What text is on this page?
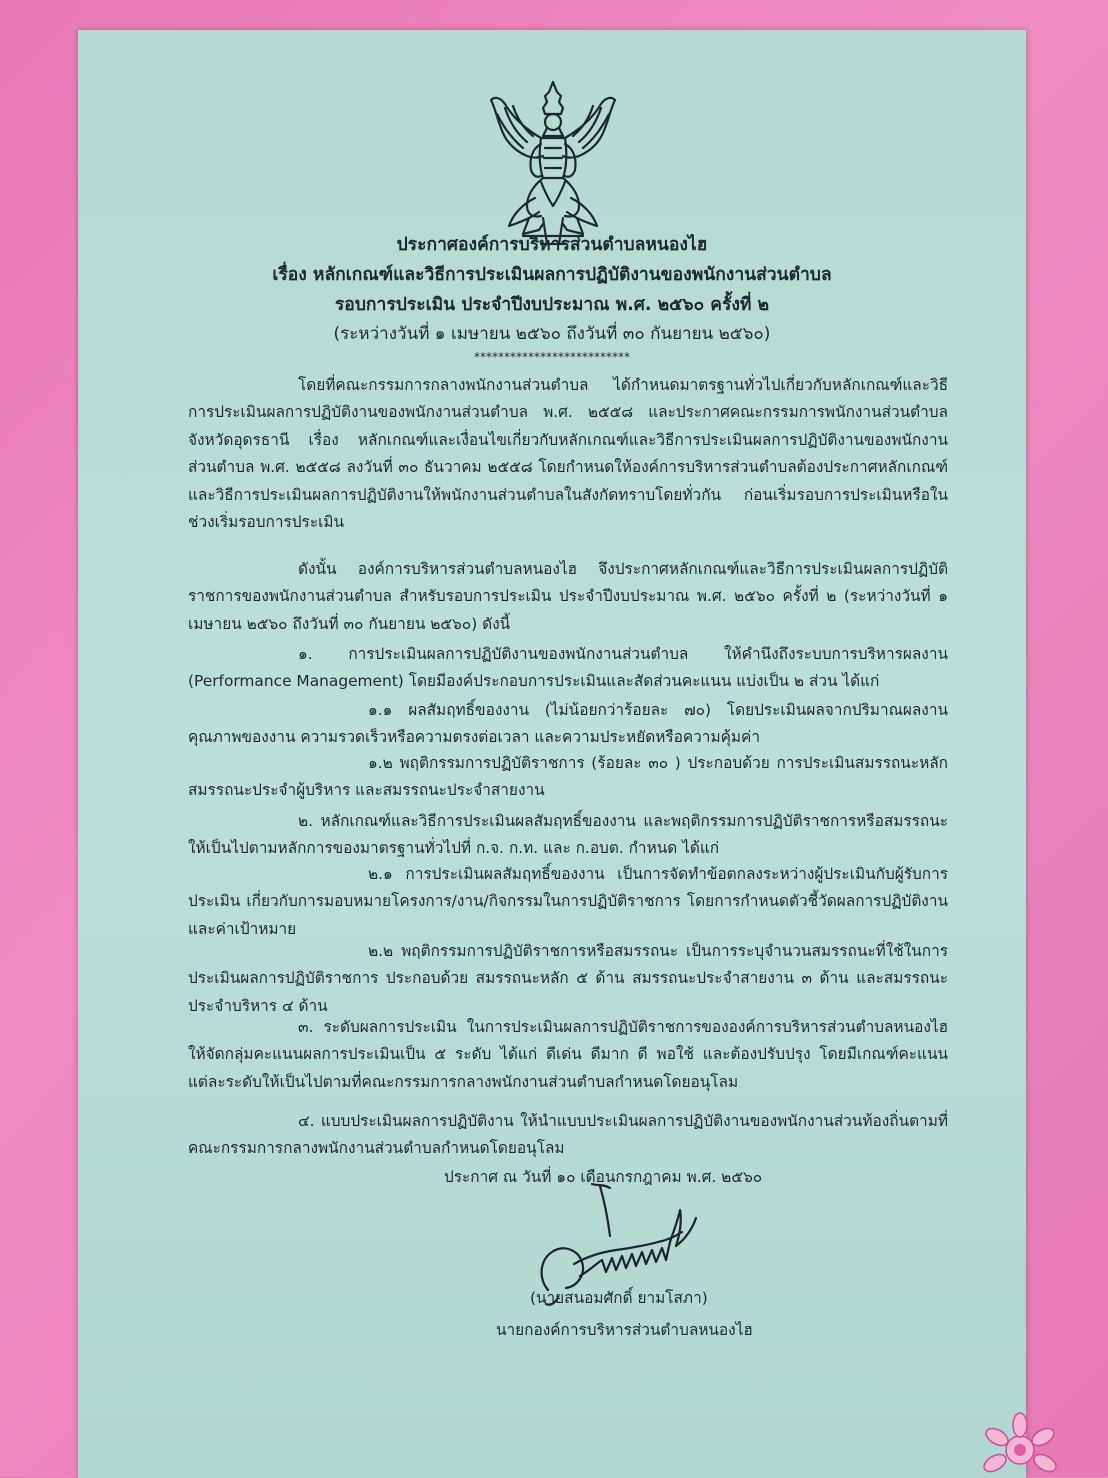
ประกาศองค์การบริหารส่วนตำบลหนองไฮ
เรื่อง หลักเกณฑ์และวิธีการประเมินผลการปฏิบัติงานของพนักงานส่วนตำบล
รอบการประเมิน ประจำปีงบประมาณ พ.ศ. ๒๕๖๐ ครั้งที่ ๒
(ระหว่างวันที่ ๑ เมษายน ๒๕๖๐ ถึงวันที่ ๓๐ กันยายน ๒๕๖๐)
**************************
โดยที่คณะกรรมการกลางพนักงานส่วนตำบล ได้กำหนดมาตรฐานทั่วไปเกี่ยวกับหลักเกณฑ์และวิธีการประเมินผลการปฏิบัติงานของพนักงานส่วนตำบล พ.ศ. ๒๕๕๘ และประกาศคณะกรรมการพนักงานส่วนตำบลจังหวัดอุดรธานี เรื่อง หลักเกณฑ์และเงื่อนไขเกี่ยวกับหลักเกณฑ์และวิธีการประเมินผลการปฏิบัติงานของพนักงานส่วนตำบล พ.ศ. ๒๕๕๘ ลงวันที่ ๓๐ ธันวาคม ๒๕๕๘ โดยกำหนดให้องค์การบริหารส่วนตำบลต้องประกาศหลักเกณฑ์และวิธีการประเมินผลการปฏิบัติงานให้พนักงานส่วนตำบลในสังกัดทราบโดยทั่วกัน ก่อนเริ่มรอบการประเมินหรือในช่วงเริ่มรอบการประเมิน
ดังนั้น องค์การบริหารส่วนตำบลหนองไฮ จึงประกาศหลักเกณฑ์และวิธีการประเมินผลการปฏิบัติราชการของพนักงานส่วนตำบล สำหรับรอบการประเมิน ประจำปีงบประมาณ พ.ศ. ๒๕๖๐ ครั้งที่ ๒ (ระหว่างวันที่ ๑ เมษายน ๒๕๖๐ ถึงวันที่ ๓๐ กันยายน ๒๕๖๐) ดังนี้
๑. การประเมินผลการปฏิบัติงานของพนักงานส่วนตำบล ให้คำนึงถึงระบบการบริหารผลงาน (Performance Management) โดยมีองค์ประกอบการประเมินและสัดส่วนคะแนน แบ่งเป็น ๒ ส่วน ได้แก่
๑.๑ ผลสัมฤทธิ์ของงาน (ไม่น้อยกว่าร้อยละ ๗๐) โดยประเมินผลจากปริมาณผลงาน คุณภาพของงาน ความรวดเร็วหรือความตรงต่อเวลา และความประหยัดหรือความคุ้มค่า
๑.๒ พฤติกรรมการปฏิบัติราชการ (ร้อยละ ๓๐ ) ประกอบด้วย การประเมินสมรรถนะหลัก สมรรถนะประจำผู้บริหาร และสมรรถนะประจำสายงาน
๒. หลักเกณฑ์และวิธีการประเมินผลสัมฤทธิ์ของงาน และพฤติกรรมการปฏิบัติราชการหรือสมรรถนะ ให้เป็นไปตามหลักการของมาตรฐานทั่วไปที่ ก.จ. ก.ท. และ ก.อบต. กำหนด ได้แก่
๒.๑ การประเมินผลสัมฤทธิ์ของงาน เป็นการจัดทำข้อตกลงระหว่างผู้ประเมินกับผู้รับการประเมิน เกี่ยวกับการมอบหมายโครงการ/งาน/กิจกรรมในการปฏิบัติราชการ โดยการกำหนดตัวชี้วัดผลการปฏิบัติงานและค่าเป้าหมาย
๒.๒ พฤติกรรมการปฏิบัติราชการหรือสมรรถนะ เป็นการระบุจำนวนสมรรถนะที่ใช้ในการประเมินผลการปฏิบัติราชการ ประกอบด้วย สมรรถนะหลัก ๕ ด้าน สมรรถนะประจำสายงาน ๓ ด้าน และสมรรถนะประจำบริหาร ๔ ด้าน
๓. ระดับผลการประเมิน ในการประเมินผลการปฏิบัติราชการขององค์การบริหารส่วนตำบลหนองไฮให้จัดกลุ่มคะแนนผลการประเมินเป็น ๕ ระดับ ได้แก่ ดีเด่น ดีมาก ดี พอใช้ และต้องปรับปรุง โดยมีเกณฑ์คะแนนแต่ละระดับให้เป็นไปตามที่คณะกรรมการกลางพนักงานส่วนตำบลกำหนดโดยอนุโลม
๔. แบบประเมินผลการปฏิบัติงาน ให้นำแบบประเมินผลการปฏิบัติงานของพนักงานส่วนท้องถิ่นตามที่คณะกรรมการกลางพนักงานส่วนตำบลกำหนดโดยอนุโลม
ประกาศ ณ วันที่ ๑๐ เดือนกรกฎาคม พ.ศ. ๒๕๖๐
(นายสนอมศักดิ์ ยามโสภา)
นายกองค์การบริหารส่วนตำบลหนองไฮ
